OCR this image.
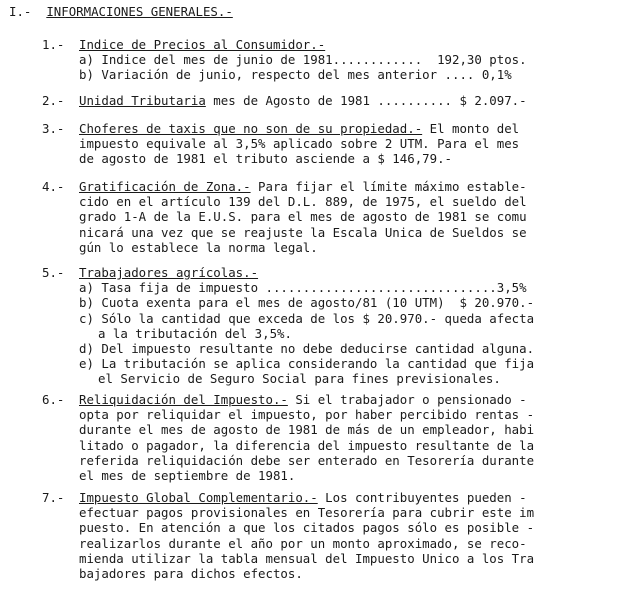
I.- INFORMACIONES GENERALES.-
1.- Indice de Precios al Consumidor.-
a) Indice del mes de junio de 1981............  192,30 ptos.
b) Variación de junio, respecto del mes anterior .... 0,1%
2.- Unidad Tributaria mes de Agosto de 1981 .......... $ 2.097.-
3.- Choferes de taxis que no son de su propiedad.- El monto del
impuesto equivale al 3,5% aplicado sobre 2 UTM. Para el mes
de agosto de 1981 el tributo asciende a $ 146,79.-
4.- Gratificación de Zona.- Para fijar el límite máximo estable-
cido en el artículo 139 del D.L. 889, de 1975, el sueldo del
grado 1-A de la E.U.S. para el mes de agosto de 1981 se comu
nicará una vez que se reajuste la Escala Unica de Sueldos se
gún lo establece la norma legal.
5.- Trabajadores agrícolas.-
a) Tasa fija de impuesto ...............................3,5%
b) Cuota exenta para el mes de agosto/81 (10 UTM)  $ 20.970.-
c) Sólo la cantidad que exceda de los $ 20.970.- queda afecta
a la tributación del 3,5%.
d) Del impuesto resultante no debe deducirse cantidad alguna.
e) La tributación se aplica considerando la cantidad que fija
el Servicio de Seguro Social para fines previsionales.
6.- Reliquidación del Impuesto.- Si el trabajador o pensionado -
opta por reliquidar el impuesto, por haber percibido rentas -
durante el mes de agosto de 1981 de más de un empleador, habi
litado o pagador, la diferencia del impuesto resultante de la
referida reliquidación debe ser enterado en Tesorería durante
el mes de septiembre de 1981.
7.- Impuesto Global Complementario.- Los contribuyentes pueden -
efectuar pagos provisionales en Tesorería para cubrir este im
puesto. En atención a que los citados pagos sólo es posible -
realizarlos durante el año por un monto aproximado, se reco-
mienda utilizar la tabla mensual del Impuesto Unico a los Tra
bajadores para dichos efectos.
